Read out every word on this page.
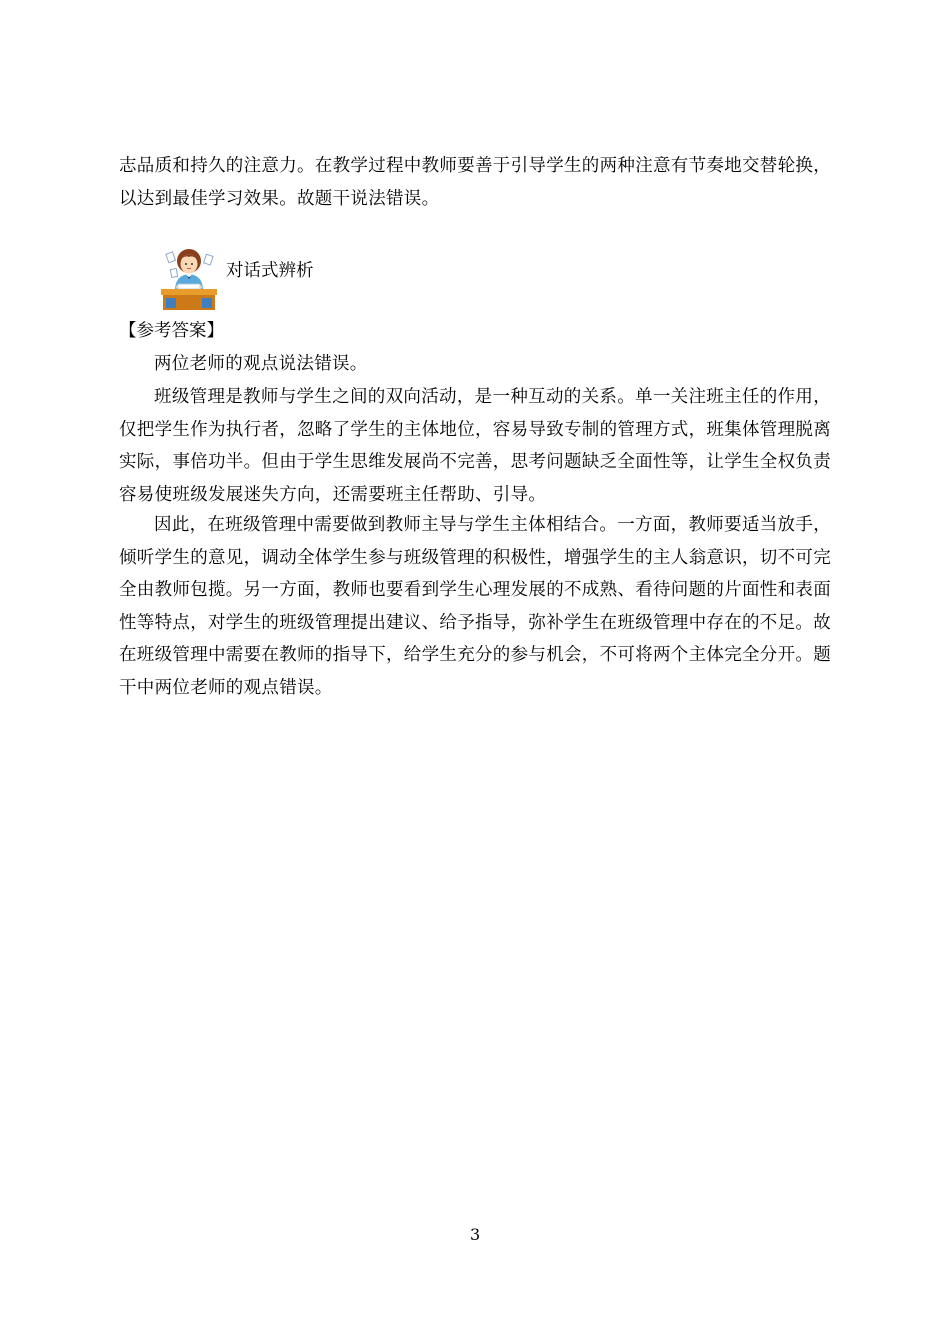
志品质和持久的注意力。在教学过程中教师要善于引导学生的两种注意有节奏地交替轮换，以达到最佳学习效果。故题干说法错误。

对话式辨析
【参考答案】

两位老师的观点说法错误。

班级管理是教师与学生之间的双向活动，是一种互动的关系。单一关注班主任的作用，仅把学生作为执行者，忽略了学生的主体地位，容易导致专制的管理方式，班集体管理脱离实际，事倍功半。但由于学生思维发展尚不完善，思考问题缺乏全面性等，让学生全权负责容易使班级发展迷失方向，还需要班主任帮助、引导。

因此，在班级管理中需要做到教师主导与学生主体相结合。一方面，教师要适当放手，倾听学生的意见，调动全体学生参与班级管理的积极性，增强学生的主人翁意识，切不可完全由教师包揽。另一方面，教师也要看到学生心理发展的不成熟、看待问题的片面性和表面性等特点，对学生的班级管理提出建议、给予指导，弥补学生在班级管理中存在的不足。故在班级管理中需要在教师的指导下，给学生充分的参与机会，不可将两个主体完全分开。题干中两位老师的观点错误。

3
